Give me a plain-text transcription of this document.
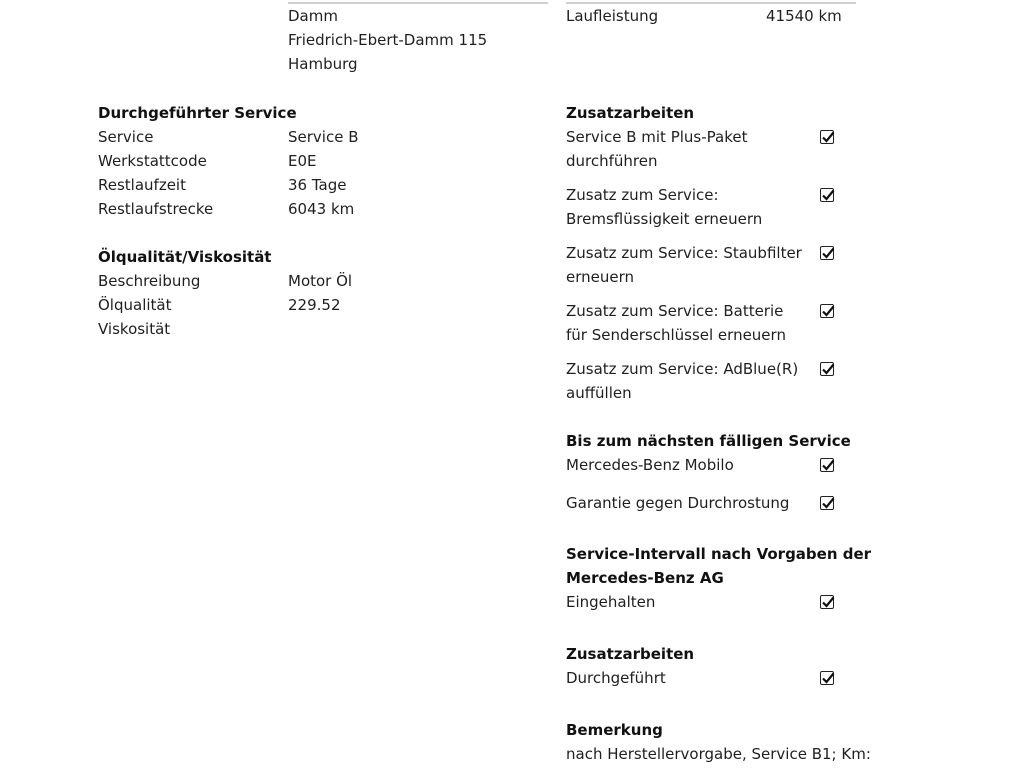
Damm
Friedrich-Ebert-Damm 115
Hamburg
Laufleistung	41540 km
Durchgeführter Service
Service	Service B
Werkstattcode	E0E
Restlaufzeit	36 Tage
Restlaufstrecke	6043 km
Ölqualität/Viskosität
Beschreibung	Motor Öl
Ölqualität	229.52
Viskosität
Zusatzarbeiten
Service B mit Plus-Paket
durchführen
Zusatz zum Service:
Bremsflüssigkeit erneuern
Zusatz zum Service: Staubfilter
erneuern
Zusatz zum Service: Batterie
für Senderschlüssel erneuern
Zusatz zum Service: AdBlue(R)
auffüllen
Bis zum nächsten fälligen Service
Mercedes-Benz Mobilo
Garantie gegen Durchrostung
Service-Intervall nach Vorgaben der
Mercedes-Benz AG
Eingehalten
Zusatzarbeiten
Durchgeführt
Bemerkung
nach Herstellervorgabe, Service B1; Km:
